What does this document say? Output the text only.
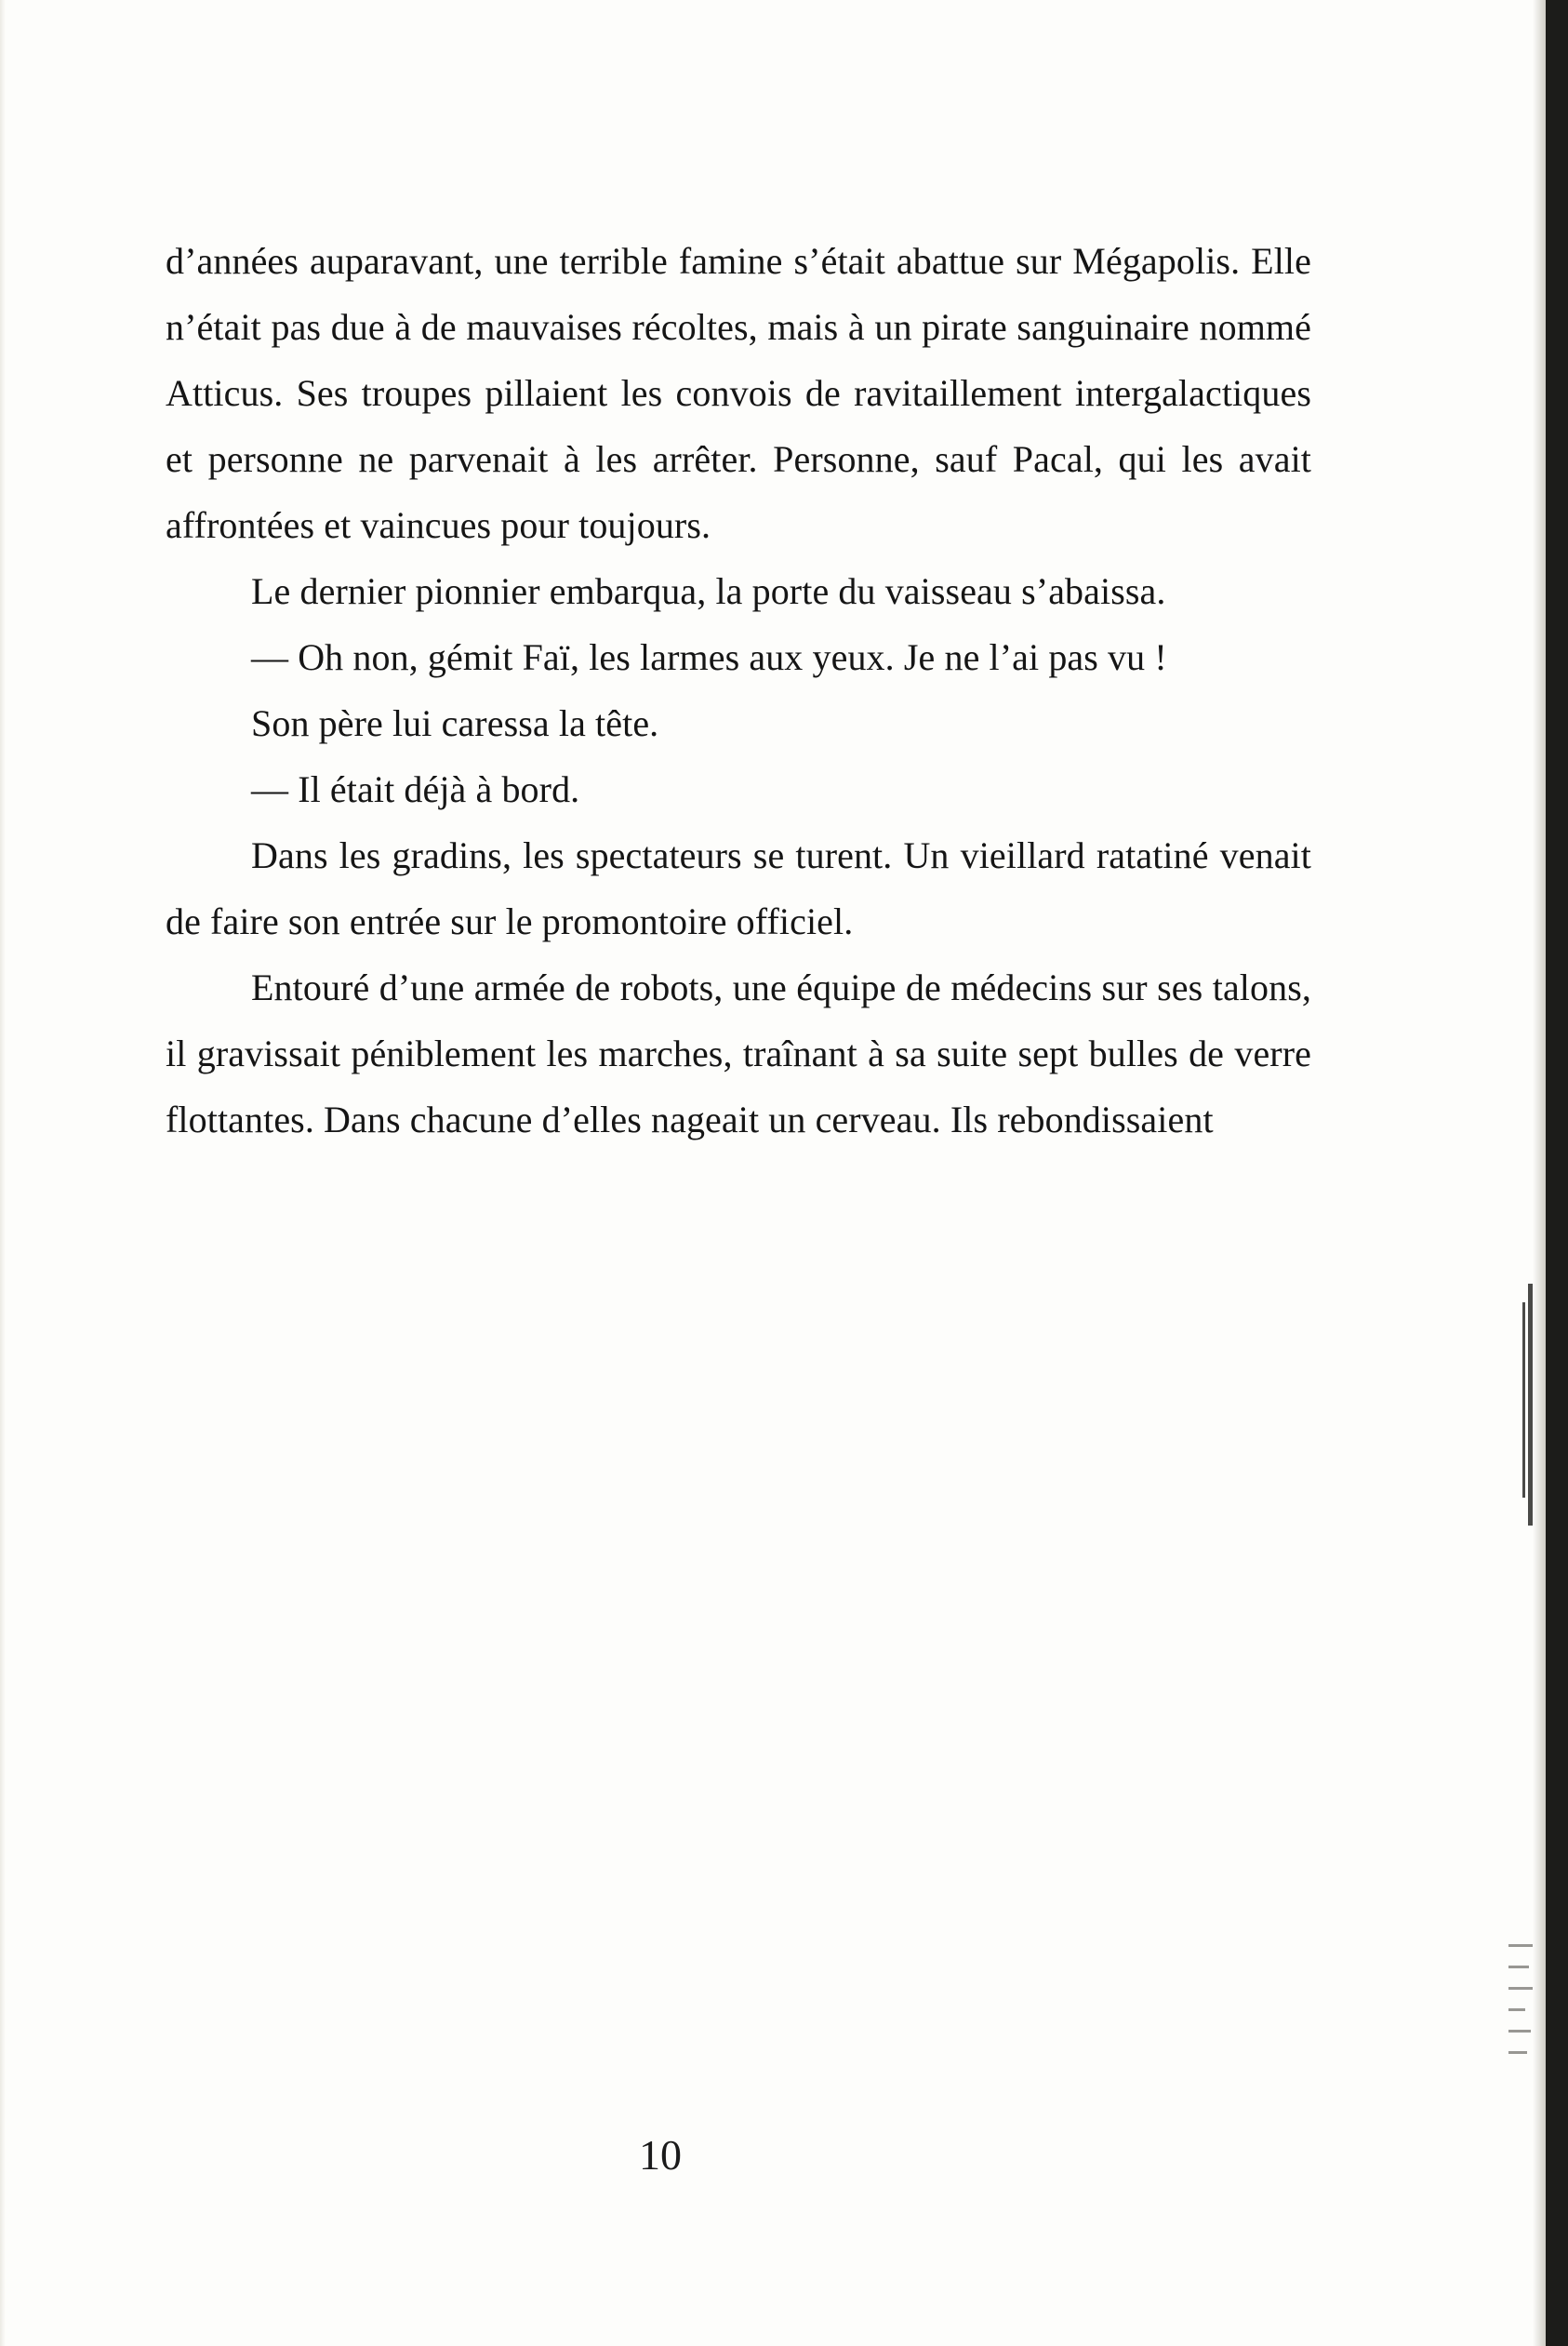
d’années auparavant, une terrible famine s’était abattue sur Mégapolis. Elle n’était pas due à de mauvaises récoltes, mais à un pirate sanguinaire nommé Atticus. Ses troupes pillaient les convois de ravitaillement intergalactiques et personne ne parvenait à les arrêter. Personne, sauf Pacal, qui les avait affrontées et vaincues pour toujours.

Le dernier pionnier embarqua, la porte du vaisseau s’abaissa.

— Oh non, gémit Faï, les larmes aux yeux. Je ne l’ai pas vu !

Son père lui caressa la tête.

— Il était déjà à bord.

Dans les gradins, les spectateurs se turent. Un vieillard ratatiné venait de faire son entrée sur le promontoire officiel.

Entouré d’une armée de robots, une équipe de médecins sur ses talons, il gravissait péniblement les marches, traînant à sa suite sept bulles de verre flottantes. Dans chacune d’elles nageait un cerveau. Ils rebondissaient

10
